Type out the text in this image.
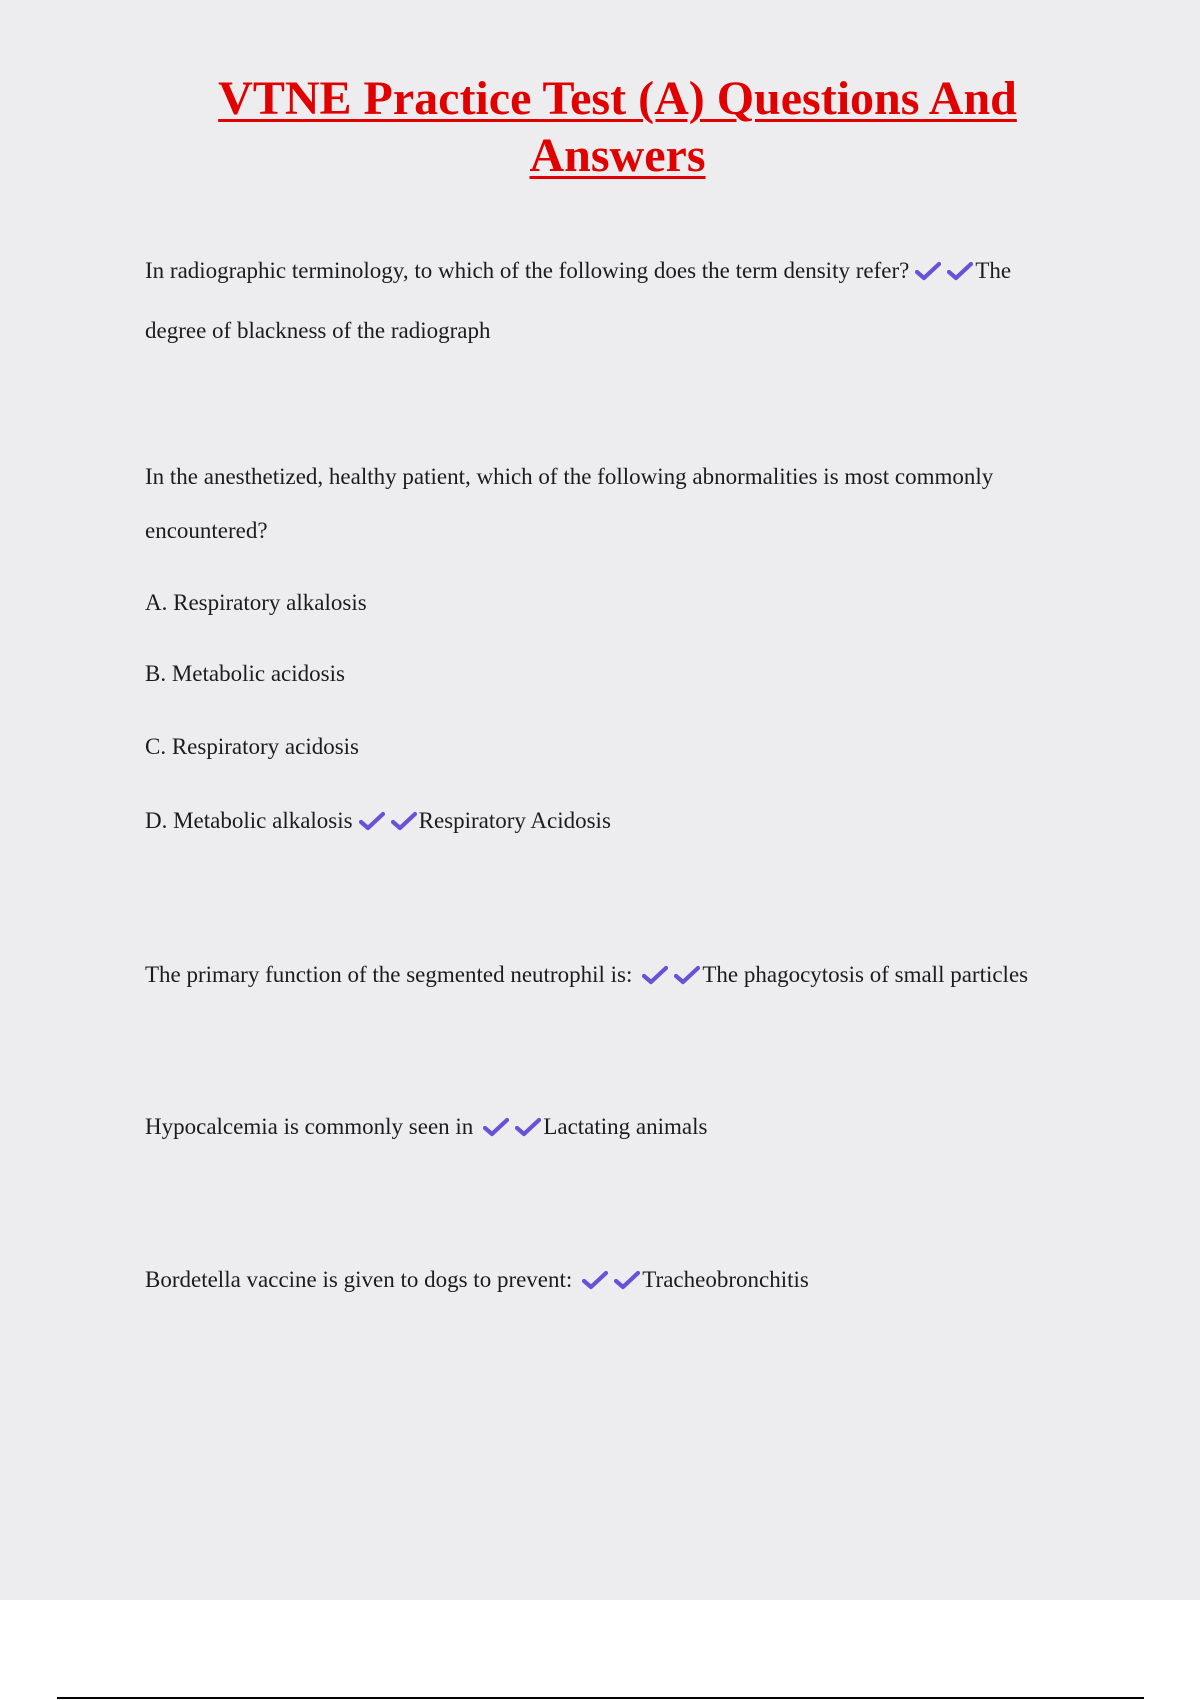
VTNE Practice Test (A) Questions And
Answers

In radiographic terminology, to which of the following does the term density refer?	The

degree of blackness of the radiograph

In the anesthetized, healthy patient, which of the following abnormalities is most commonly

encountered?

A. Respiratory alkalosis

B. Metabolic acidosis

C. Respiratory acidosis

D. Metabolic alkalosis	Respiratory Acidosis

The primary function of the segmented neutrophil is:	The phagocytosis of small particles

Hypocalcemia is commonly seen in	Lactating animals

Bordetella vaccine is given to dogs to prevent:	Tracheobronchitis
